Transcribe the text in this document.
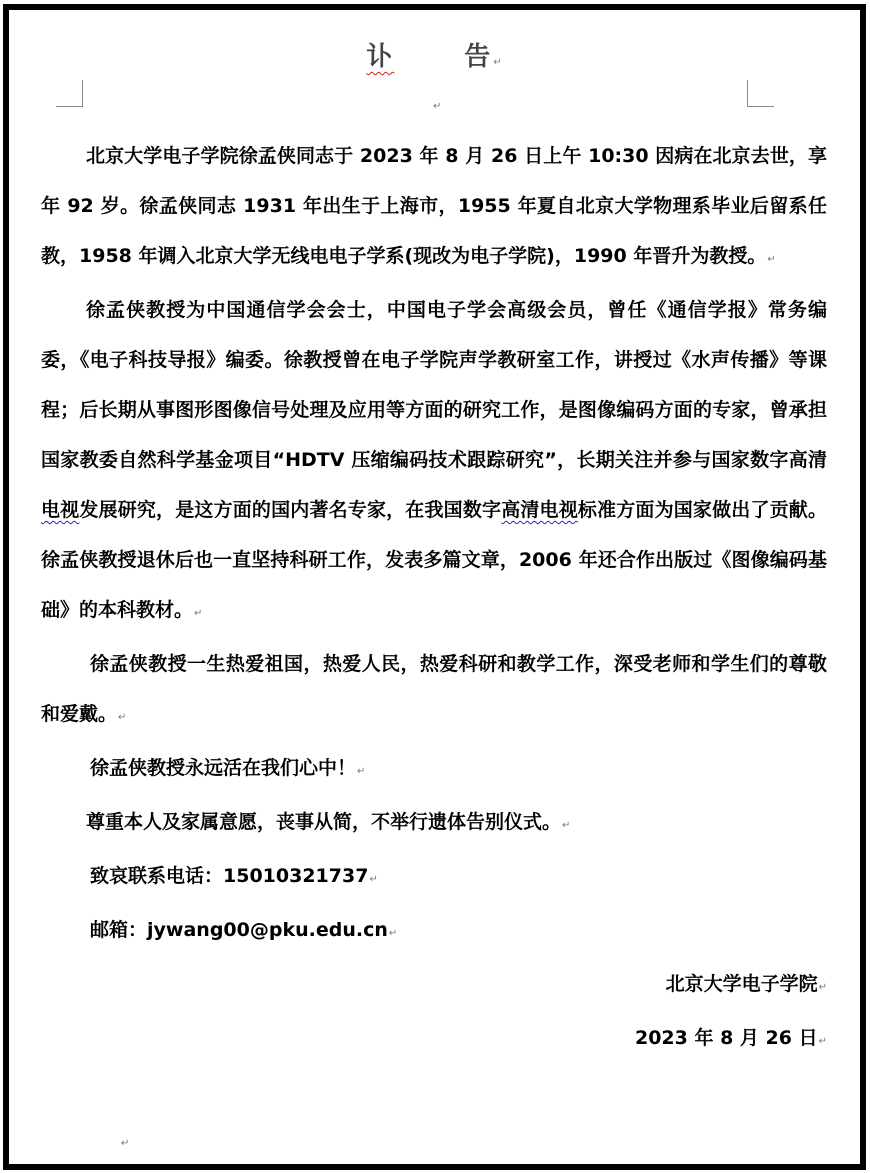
讣	告↵
↵

北京大学电子学院徐孟侠同志于 2023 年 8 月 26 日上午 10:30 因病在北京去世，享年 92 岁。徐孟侠同志 1931 年出生于上海市，1955 年夏自北京大学物理系毕业后留系任教，1958 年调入北京大学无线电电子学系(现改为电子学院)，1990 年晋升为教授。↵

徐孟侠教授为中国通信学会会士，中国电子学会高级会员，曾任《通信学报》常务编委，《电子科技导报》编委。徐教授曾在电子学院声学教研室工作，讲授过《水声传播》等课程；后长期从事图形图像信号处理及应用等方面的研究工作，是图像编码方面的专家，曾承担国家教委自然科学基金项目“HDTV 压缩编码技术跟踪研究”，长期关注并参与国家数字高清电视发展研究，是这方面的国内著名专家，在我国数字高清电视标准方面为国家做出了贡献。徐孟侠教授退休后也一直坚持科研工作，发表多篇文章，2006 年还合作出版过《图像编码基础》的本科教材。↵

徐孟侠教授一生热爱祖国，热爱人民，热爱科研和教学工作，深受老师和学生们的尊敬和爱戴。↵

徐孟侠教授永远活在我们心中！↵

尊重本人及家属意愿，丧事从简，不举行遗体告别仪式。↵

致哀联系电话：15010321737↵

邮箱：jywang00@pku.edu.cn↵

北京大学电子学院↵

2023 年 8 月 26 日↵

↵
